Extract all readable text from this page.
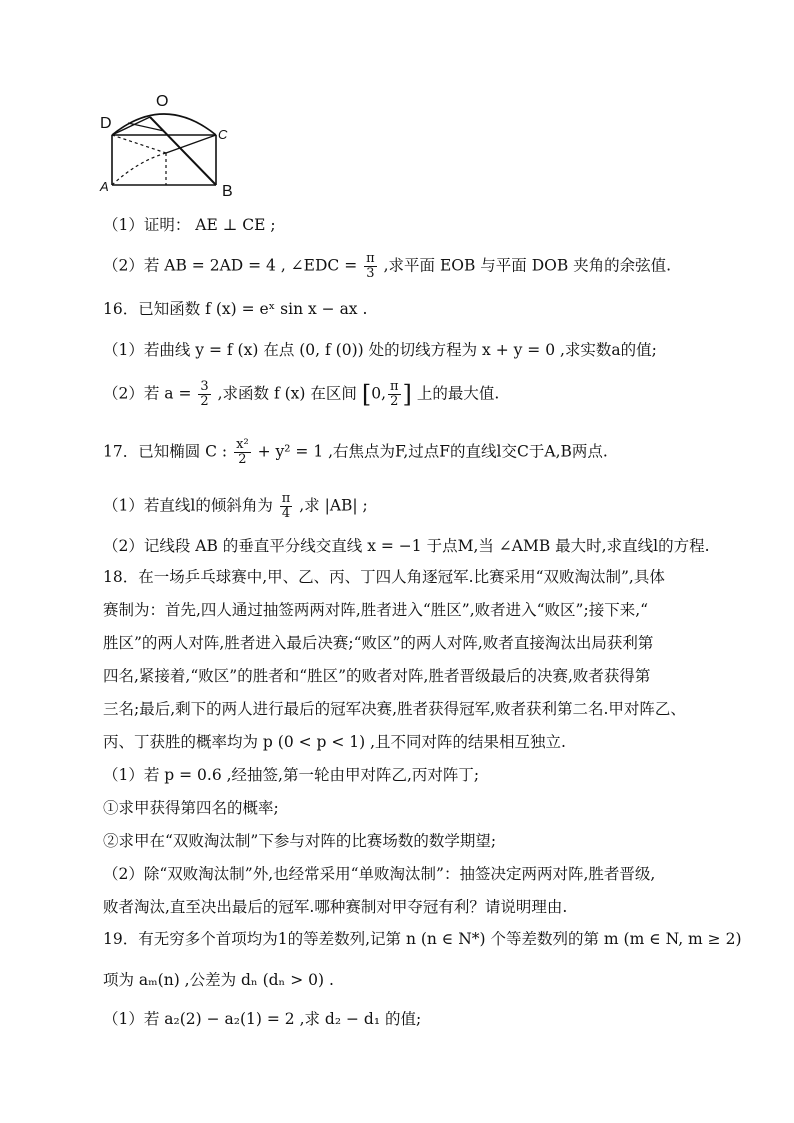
O
D
C
A	B
（1）证明： AE ⊥ CE ;
（2）若 AB = 2AD = 4 , ∠EDC = $\frac{\pi}{3}$ ,求平面 EOB 与平面 DOB 夹角的余弦值.
16．已知函数 f (x) = eˣ sin x − ax .
（1）若曲线 y = f (x) 在点 (0, f (0)) 处的切线方程为 x + y = 0 ,求实数a的值;
（2）若 $a = \frac{3}{2}$ ,求函数 f (x) 在区间 [0, $\frac{\pi}{2}$ ] 上的最大值.
17．已知椭圆 C : $\frac{\text{x²}}{2} + y^2 = 1$ ,右焦点为F,过点F的直线l交C于A,B两点.
（1）若直线l的倾斜角为 $\frac{\pi}{4}$ ,求 |AB| ;
（2）记线段 AB 的垂直平分线交直线 x = −1 于点M,当 ∠AMB 最大时,求直线l的方程.
18．在一场乒乓球赛中,甲、乙、丙、丁四人角逐冠军.比赛采用“双败淘汰制”,具体
赛制为：首先,四人通过抽签两两对阵,胜者进入“胜区”,败者进入“败区”;接下来,“
胜区”的两人对阵,胜者进入最后决赛;“败区”的两人对阵,败者直接淘汰出局获利第
四名,紧接着,“败区”的胜者和“胜区”的败者对阵,胜者晋级最后的决赛,败者获得第
三名;最后,剩下的两人进行最后的冠军决赛,胜者获得冠军,败者获利第二名.甲对阵乙、
丙、丁获胜的概率均为 p (0 < p < 1) ,且不同对阵的结果相互独立.
（1）若 p = 0.6 ,经抽签,第一轮由甲对阵乙,丙对阵丁;
①求甲获得第四名的概率;
②求甲在“双败淘汰制”下参与对阵的比赛场数的数学期望;
（2）除“双败淘汰制”外,也经常采用“单败淘汰制”：抽签决定两两对阵,胜者晋级,
败者淘汰,直至决出最后的冠军.哪种赛制对甲夺冠有利？请说明理由.
19．有无穷多个首项均为1的等差数列,记第 n (n ∈ N*) 个等差数列的第 m (m ∈ N, m ≥ 2)
项为 aₘ(n) ,公差为 dₙ (dₙ > 0) .
（1）若 a₂(2) − a₂(1) = 2 ,求 d₂ − d₁ 的值;
